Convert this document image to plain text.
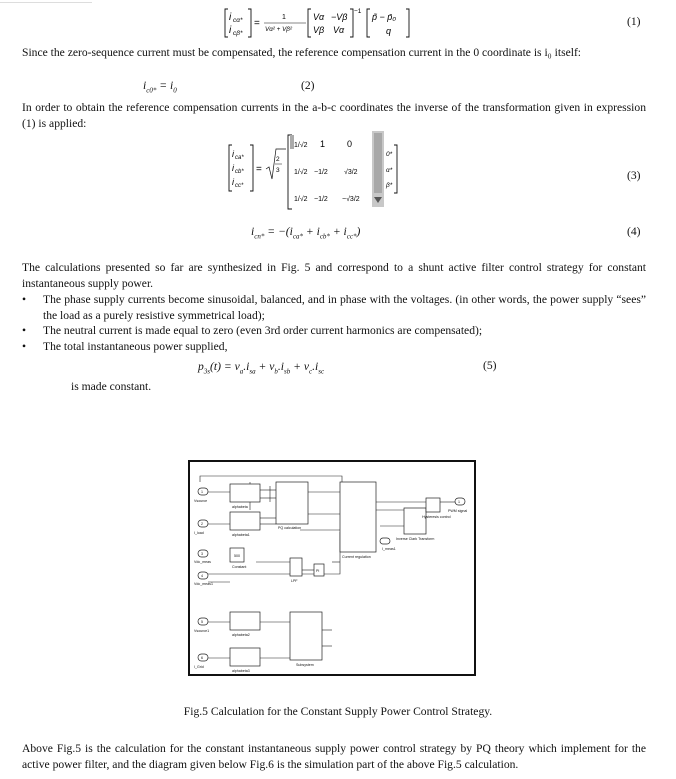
i cα*
i cβ*
=
1
Vα² + Vβ²
Vα −Vβ
Vβ Vα
−1
p̃ − p̄₀
q
(1)
Since the zero-sequence current must be compensated, the reference compensation current in the 0 coordinate is i₀ itself:
$i_{c0*} = i_0$	(2)
In order to obtain the reference compensation currents in the a-b-c coordinates the inverse of the transformation given in expression (1) is applied:
i ca*
i cb*
i cc*
=
2
3
1/√2 1 0
1/√2 −1/2 √3/2
1/√2 −1/2 −√3/2
0*
α*
β*
(3)
$i_{cn*} = -(i_{ca*} + i_{cb*} + i_{cc*})$	(4)
The calculations presented so far are synthesized in Fig. 5 and correspond to a shunt active filter control strategy for constant instantaneous supply power.
• The phase supply currents become sinusoidal, balanced, and in phase with the voltages. (in other words, the power supply “sees” the load as a purely resistive symmetrical load);
• The neutral current is made equal to zero (even 3rd order current harmonics are compensated);
• The total instantaneous power supplied,
$p_{3s}(t) = v_a.i_{sa} + v_b.i_{sb} + v_c.i_{sc}$	(5)
is made constant.
1
2
3
4
5
6
1
Vsource
I_load
Vdc_meas
Vdc_meas1
Vsource1
I_Grid
alphabeta
alphabeta1
PQ calculation
Constant
500
LPF
PI
Current regulation
Inverse Clark Transform
Hysteresis control
alphabeta2
alphabeta3
Subsystem
I_meas1
PWM signal
Fig.5 Calculation for the Constant Supply Power Control Strategy.
Above Fig.5 is the calculation for the constant instantaneous supply power control strategy by PQ theory which implement for the active power filter, and the diagram given below Fig.6 is the simulation part of the above Fig.5 calculation.
